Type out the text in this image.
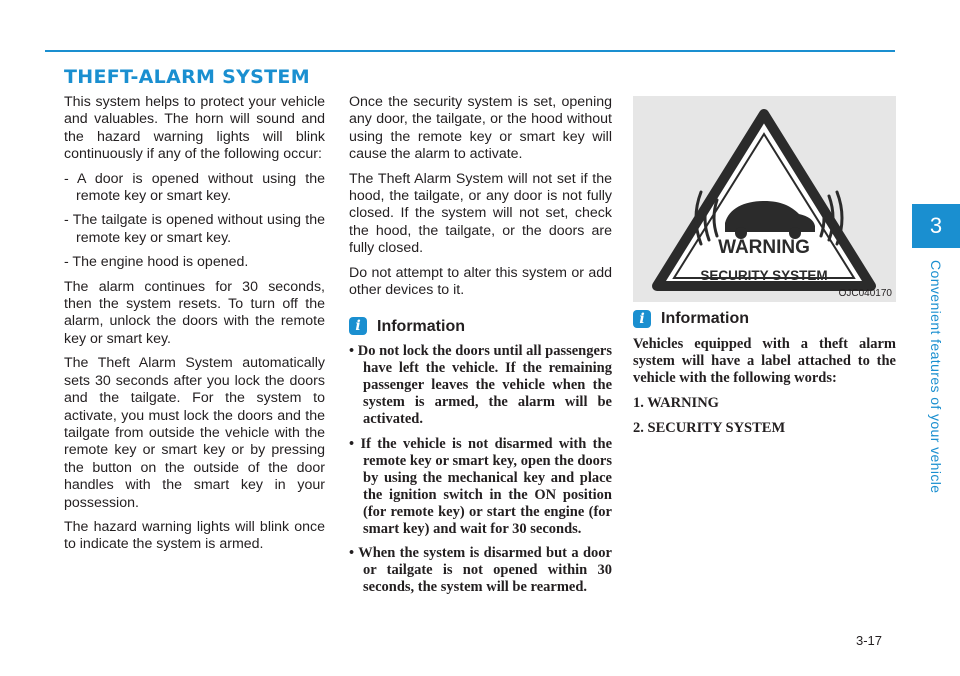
THEFT-ALARM SYSTEM

This system helps to protect your vehicle and valuables. The horn will sound and the hazard warning lights will blink continuously if any of the following occur:

- A door is opened without using the remote key or smart key.
- The tailgate is opened without using the remote key or smart key.
- The engine hood is opened.

The alarm continues for 30 seconds, then the system resets. To turn off the alarm, unlock the doors with the remote key or smart key.

The Theft Alarm System automatically sets 30 seconds after you lock the doors and the tailgate. For the system to activate, you must lock the doors and the tailgate from outside the vehicle with the remote key or smart key or by pressing the button on the outside of the door handles with the smart key in your possession.

The hazard warning lights will blink once to indicate the system is armed.

Once the security system is set, opening any door, the tailgate, or the hood without using the remote key or smart key will cause the alarm to activate.

The Theft Alarm System will not set if the hood, the tailgate, or any door is not fully closed. If the system will not set, check the hood, the tailgate, or the doors are fully closed.

Do not attempt to alter this system or add other devices to it.

i	Information
• Do not lock the doors until all passengers have left the vehicle. If the remaining passenger leaves the vehicle when the system is armed, the alarm will be activated.
• If the vehicle is not disarmed with the remote key or smart key, open the doors by using the mechanical key and place the ignition switch in the ON position (for remote key) or start the engine (for smart key) and wait for 30 seconds.
• When the system is disarmed but a door or tailgate is not opened within 30 seconds, the system will be rearmed.
WARNING
SECURITY SYSTEM
OJC040170
i	Information

Vehicles equipped with a theft alarm system will have a label attached to the vehicle with the following words:

1. WARNING

2. SECURITY SYSTEM

3
Convenient features of your vehicle
3-17
